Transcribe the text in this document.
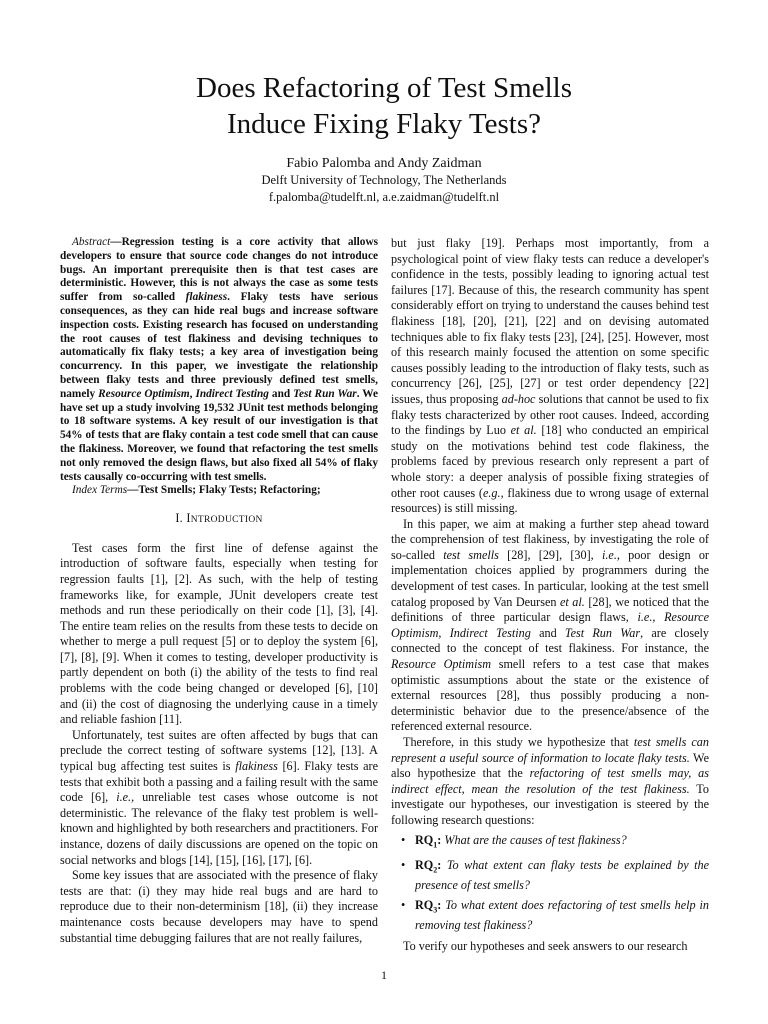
Does Refactoring of Test Smells
Induce Fixing Flaky Tests?
Fabio Palomba and Andy Zaidman
Delft University of Technology, The Netherlands
f.palomba@tudelft.nl, a.e.zaidman@tudelft.nl

Abstract—Regression testing is a core activity that allows developers to ensure that source code changes do not introduce bugs. An important prerequisite then is that test cases are deterministic. However, this is not always the case as some tests suffer from so-called flakiness. Flaky tests have serious consequences, as they can hide real bugs and increase software inspection costs. Existing research has focused on understanding the root causes of test flakiness and devising techniques to automatically fix flaky tests; a key area of investigation being concurrency. In this paper, we investigate the relationship between flaky tests and three previously defined test smells, namely Resource Optimism, Indirect Testing and Test Run War. We have set up a study involving 19,532 JUnit test methods belonging to 18 software systems. A key result of our investigation is that 54% of tests that are flaky contain a test code smell that can cause the flakiness. Moreover, we found that refactoring the test smells not only removed the design flaws, but also fixed all 54% of flaky tests causally co-occurring with test smells.

Index Terms—Test Smells; Flaky Tests; Refactoring;

I. INTRODUCTION

Test cases form the first line of defense against the introduction of software faults, especially when testing for regression faults [1], [2]. As such, with the help of testing frameworks like, for example, JUnit developers create test methods and run these periodically on their code [1], [3], [4]. The entire team relies on the results from these tests to decide on whether to merge a pull request [5] or to deploy the system [6], [7], [8], [9]. When it comes to testing, developer productivity is partly dependent on both (i) the ability of the tests to find real problems with the code being changed or developed [6], [10] and (ii) the cost of diagnosing the underlying cause in a timely and reliable fashion [11].

Unfortunately, test suites are often affected by bugs that can preclude the correct testing of software systems [12], [13]. A typical bug affecting test suites is flakiness [6]. Flaky tests are tests that exhibit both a passing and a failing result with the same code [6], i.e., unreliable test cases whose outcome is not deterministic. The relevance of the flaky test problem is well-known and highlighted by both researchers and practitioners. For instance, dozens of daily discussions are opened on the topic on social networks and blogs [14], [15], [16], [17], [6].

Some key issues that are associated with the presence of flaky tests are that: (i) they may hide real bugs and are hard to reproduce due to their non-determinism [18], (ii) they increase maintenance costs because developers may have to spend substantial time debugging failures that are not really failures,

but just flaky [19]. Perhaps most importantly, from a psychological point of view flaky tests can reduce a developer's confidence in the tests, possibly leading to ignoring actual test failures [17]. Because of this, the research community has spent considerably effort on trying to understand the causes behind test flakiness [18], [20], [21], [22] and on devising automated techniques able to fix flaky tests [23], [24], [25]. However, most of this research mainly focused the attention on some specific causes possibly leading to the introduction of flaky tests, such as concurrency [26], [25], [27] or test order dependency [22] issues, thus proposing ad-hoc solutions that cannot be used to fix flaky tests characterized by other root causes. Indeed, according to the findings by Luo et al. [18] who conducted an empirical study on the motivations behind test code flakiness, the problems faced by previous research only represent a part of whole story: a deeper analysis of possible fixing strategies of other root causes (e.g., flakiness due to wrong usage of external resources) is still missing.

In this paper, we aim at making a further step ahead toward the comprehension of test flakiness, by investigating the role of so-called test smells [28], [29], [30], i.e., poor design or implementation choices applied by programmers during the development of test cases. In particular, looking at the test smell catalog proposed by Van Deursen et al. [28], we noticed that the definitions of three particular design flaws, i.e., Resource Optimism, Indirect Testing and Test Run War, are closely connected to the concept of test flakiness. For instance, the Resource Optimism smell refers to a test case that makes optimistic assumptions about the state or the existence of external resources [28], thus possibly producing a non-deterministic behavior due to the presence/absence of the referenced external resource.

Therefore, in this study we hypothesize that test smells can represent a useful source of information to locate flaky tests. We also hypothesize that the refactoring of test smells may, as indirect effect, mean the resolution of the test flakiness. To investigate our hypotheses, our investigation is steered by the following research questions:

• $RQ_1$: What are the causes of test flakiness?
• $RQ_2$: To what extent can flaky tests be explained by the presence of test smells?
• $RQ_3$: To what extent does refactoring of test smells help in removing test flakiness?

To verify our hypotheses and seek answers to our research

1
